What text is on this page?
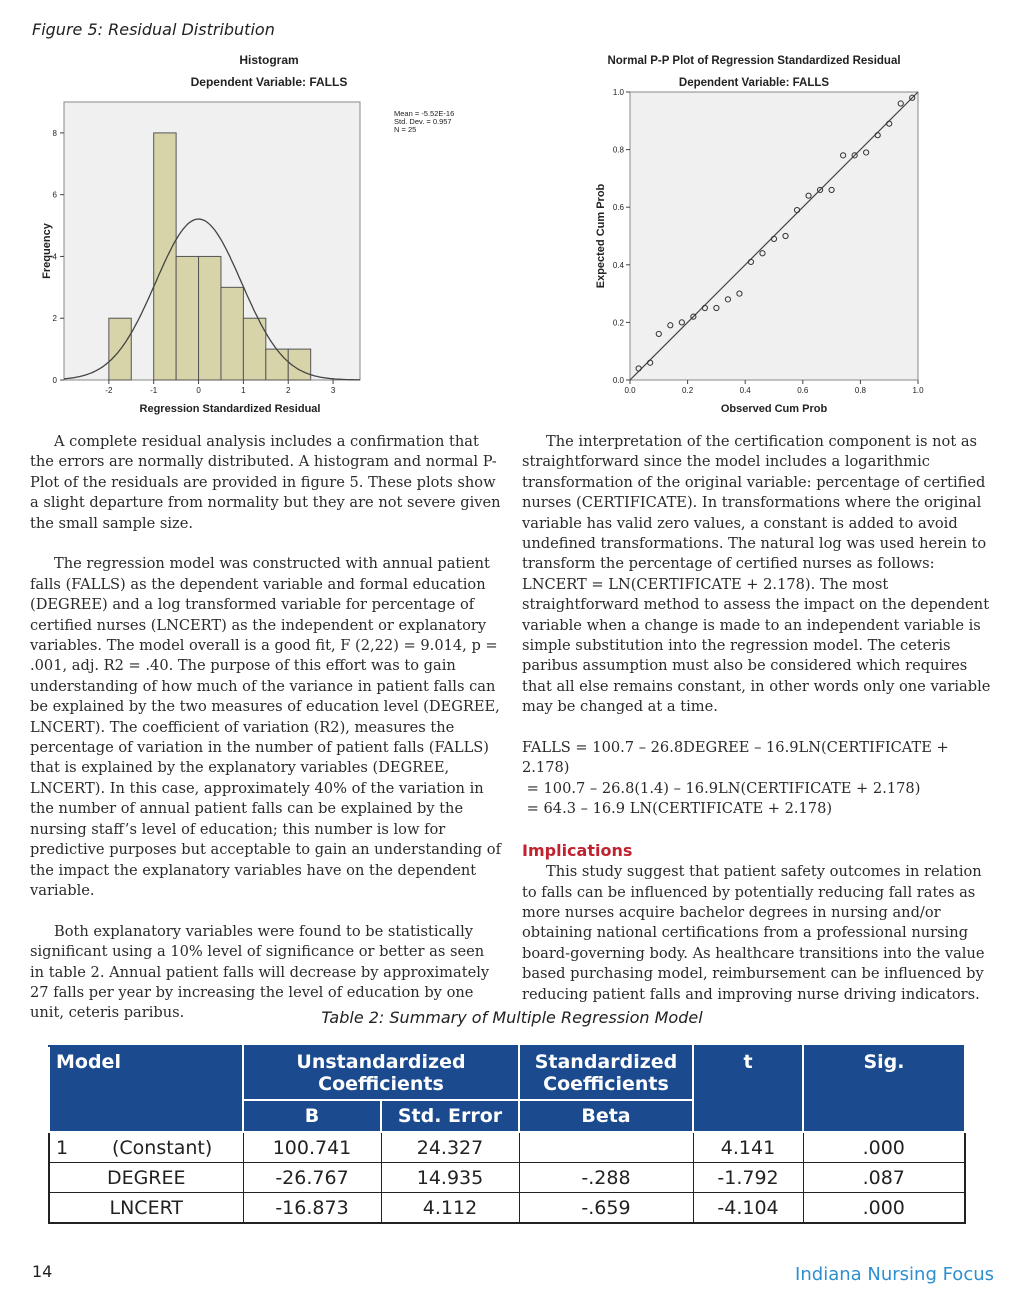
Figure 5: Residual Distribution
Histogram
Dependent Variable: FALLS
Regression Standardized Residual
Frequency
-2	-1	0	1	2	3
0
2
4
6
8
Mean = -5.52E-16
Std. Dev. = 0.957
N = 25
Normal P-P Plot of Regression Standardized Residual
Dependent Variable: FALLS
Observed Cum Prob
Expected Cum Prob
0.0	0.2	0.4	0.6	0.8	1.0
0.0
0.2
0.4
0.6
0.8
1.0

A complete residual analysis includes a confirmation that the errors are normally distributed. A histogram and normal P-Plot of the residuals are provided in figure 5. These plots show a slight departure from normality but they are not severe given the small sample size.

The regression model was constructed with annual patient falls (FALLS) as the dependent variable and formal education (DEGREE) and a log transformed variable for percentage of certified nurses (LNCERT) as the independent or explanatory variables. The model overall is a good fit, F (2,22) = 9.014, p = .001, adj. R2 = .40. The purpose of this effort was to gain understanding of how much of the variance in patient falls can be explained by the two measures of education level (DEGREE, LNCERT). The coefficient of variation (R2), measures the percentage of variation in the number of patient falls (FALLS) that is explained by the explanatory variables (DEGREE, LNCERT). In this case, approximately 40% of the variation in the number of annual patient falls can be explained by the nursing staff’s level of education; this number is low for predictive purposes but acceptable to gain an understanding of the impact the explanatory variables have on the dependent variable.

Both explanatory variables were found to be statistically significant using a 10% level of significance or better as seen in table 2. Annual patient falls will decrease by approximately 27 falls per year by increasing the level of education by one unit, ceteris paribus.

The interpretation of the certification component is not as straightforward since the model includes a logarithmic transformation of the original variable: percentage of certified nurses (CERTIFICATE). In transformations where the original variable has valid zero values, a constant is added to avoid undefined transformations. The natural log was used herein to transform the percentage of certified nurses as follows: LNCERT = LN(CERTIFICATE + 2.178). The most straightforward method to assess the impact on the dependent variable when a change is made to an independent variable is simple substitution into the regression model. The ceteris paribus assumption must also be considered which requires that all else remains constant, in other words only one variable may be changed at a time.

FALLS = 100.7 – 26.8DEGREE – 16.9LN(CERTIFICATE + 2.178)
= 100.7 – 26.8(1.4) – 16.9LN(CERTIFICATE + 2.178)
= 64.3 – 16.9 LN(CERTIFICATE + 2.178)
Implications

This study suggest that patient safety outcomes in relation to falls can be influenced by potentially reducing fall rates as more nurses acquire bachelor degrees in nursing and/or obtaining national certifications from a professional nursing board-governing body. As healthcare transitions into the value based purchasing model, reimbursement can be influenced by reducing patient falls and improving nurse driving indicators.

Table 2: Summary of Multiple Regression Model
Model	Unstandardized Coefficients		Standardized Coefficients	t	Sig.
	B	Std. Error	Beta		
1 (Constant)	100.741	24.327		4.141	.000
DEGREE	-26.767	14.935	-.288	-1.792	.087
LNCERT	-16.873	4.112	-.659	-4.104	.000
14	Indiana Nursing Focus
